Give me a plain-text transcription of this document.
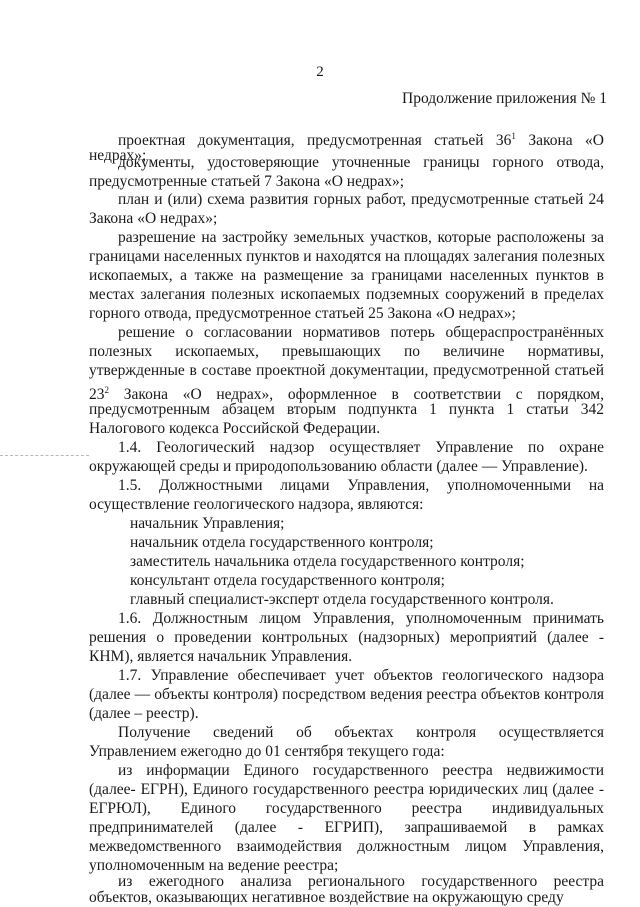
2
Продолжение приложения № 1
проектная документация, предусмотренная статьей $36^1$ Закона «О
недрах»;
документы, удостоверяющие уточненные границы горного отвода,
предусмотренные статьей 7 Закона «О недрах»;
план и (или) схема развития горных работ, предусмотренные статьей 24
Закона «О недрах»;
разрешение на застройку земельных участков, которые расположены за
границами населенных пунктов и находятся на площадях залегания полезных
ископаемых, а также на размещение за границами населенных пунктов в
местах залегания полезных ископаемых подземных сооружений в пределах
горного отвода, предусмотренное статьей 25 Закона «О недрах»;
решение о согласовании нормативов потерь общераспространённых
полезных ископаемых, превышающих по величине нормативы,
утвержденные в составе проектной документации, предусмотренной статьей
$23^2$ Закона «О недрах», оформленное в соответствии с порядком,
предусмотренным абзацем вторым подпункта 1 пункта 1 статьи 342
Налогового кодекса Российской Федерации.
1.4. Геологический надзор осуществляет Управление по охране
окружающей среды и природопользованию области (далее — Управление).
1.5. Должностными лицами Управления, уполномоченными на
осуществление геологического надзора, являются:
начальник Управления;
начальник отдела государственного контроля;
заместитель начальника отдела государственного контроля;
консультант отдела государственного контроля;
главный специалист-эксперт отдела государственного контроля.
1.6. Должностным лицом Управления, уполномоченным принимать
решения о проведении контрольных (надзорных) мероприятий (далее -
КНМ), является начальник Управления.
1.7. Управление обеспечивает учет объектов геологического надзора
(далее — объекты контроля) посредством ведения реестра объектов контроля
(далее – реестр).
Получение сведений об объектах контроля осуществляется
Управлением ежегодно до 01 сентября текущего года:
из информации Единого государственного реестра недвижимости
(далее- ЕГРН), Единого государственного реестра юридических лиц (далее -
ЕГРЮЛ), Единого государственного реестра индивидуальных
предпринимателей (далее - ЕГРИП), запрашиваемой в рамках
межведомственного взаимодействия должностным лицом Управления,
уполномоченным на ведение реестра;
из ежегодного анализа регионального государственного реестра
объектов, оказывающих негативное воздействие на окружающую среду
